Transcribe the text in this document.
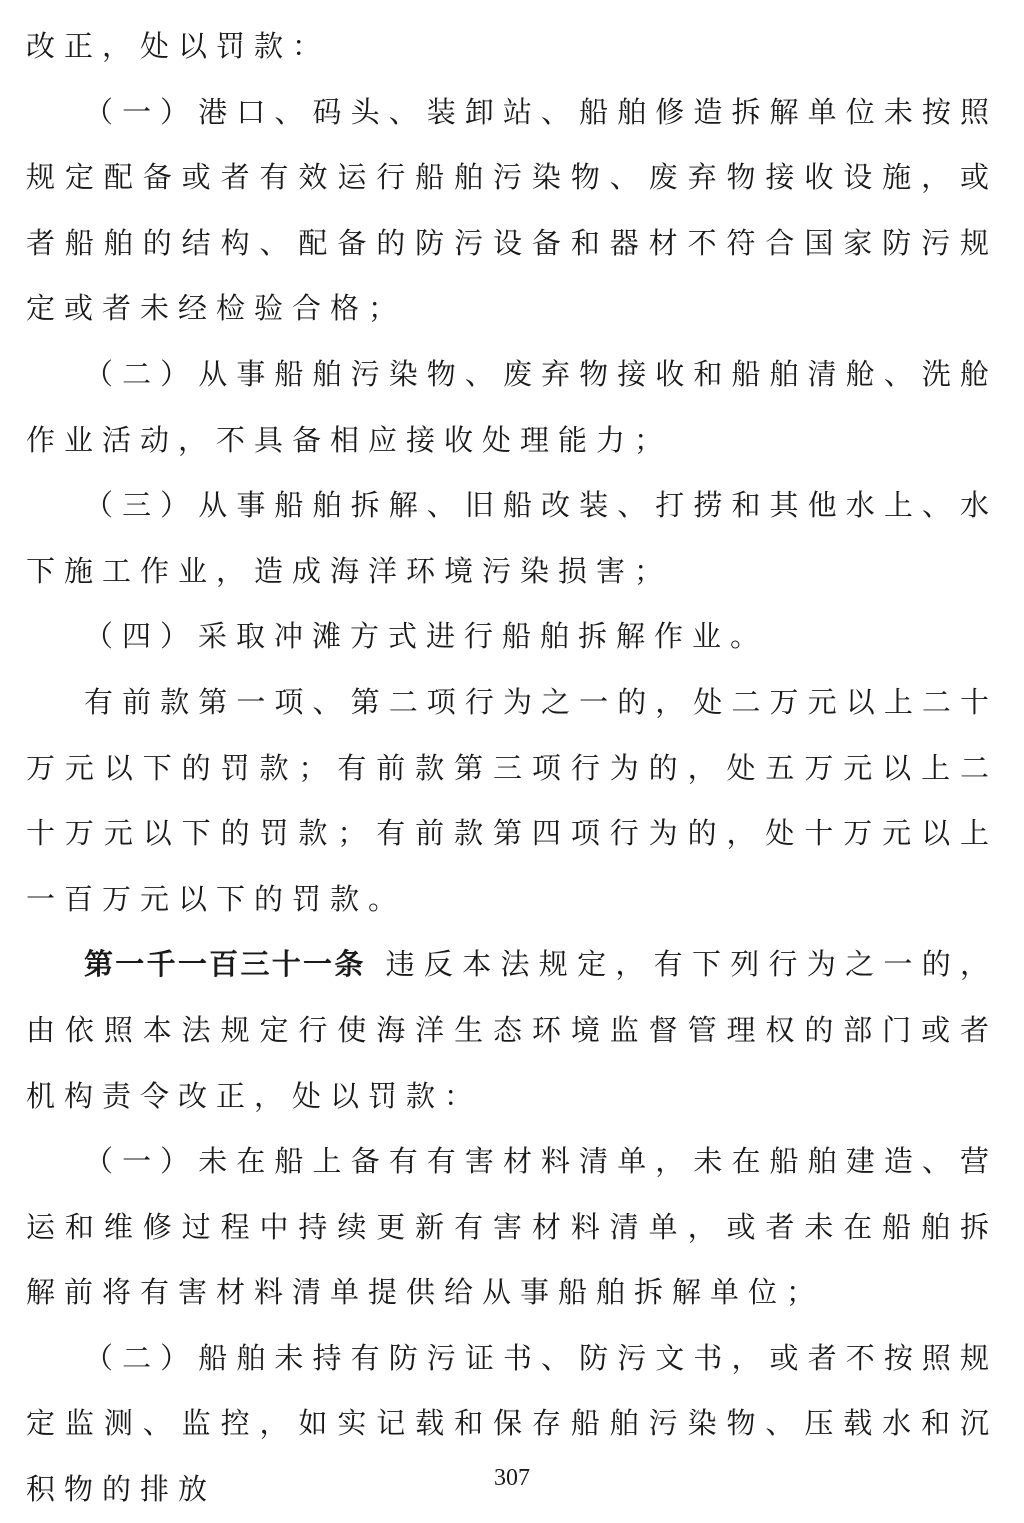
改正，处以罚款：

（一）港口、码头、装卸站、船舶修造拆解单位未按照规定配备或者有效运行船舶污染物、废弃物接收设施，或者船舶的结构、配备的防污设备和器材不符合国家防污规定或者未经检验合格；

（二）从事船舶污染物、废弃物接收和船舶清舱、洗舱作业活动，不具备相应接收处理能力；

（三）从事船舶拆解、旧船改装、打捞和其他水上、水下施工作业，造成海洋环境污染损害；

（四）采取冲滩方式进行船舶拆解作业。

有前款第一项、第二项行为之一的，处二万元以上二十万元以下的罚款；有前款第三项行为的，处五万元以上二十万元以下的罚款；有前款第四项行为的，处十万元以上一百万元以下的罚款。

第一千一百三十一条 违反本法规定，有下列行为之一的，由依照本法规定行使海洋生态环境监督管理权的部门或者机构责令改正，处以罚款：

（一）未在船上备有有害材料清单，未在船舶建造、营运和维修过程中持续更新有害材料清单，或者未在船舶拆解前将有害材料清单提供给从事船舶拆解单位；

（二）船舶未持有防污证书、防污文书，或者不按照规定监测、监控，如实记载和保存船舶污染物、压载水和沉积物的排放	307
